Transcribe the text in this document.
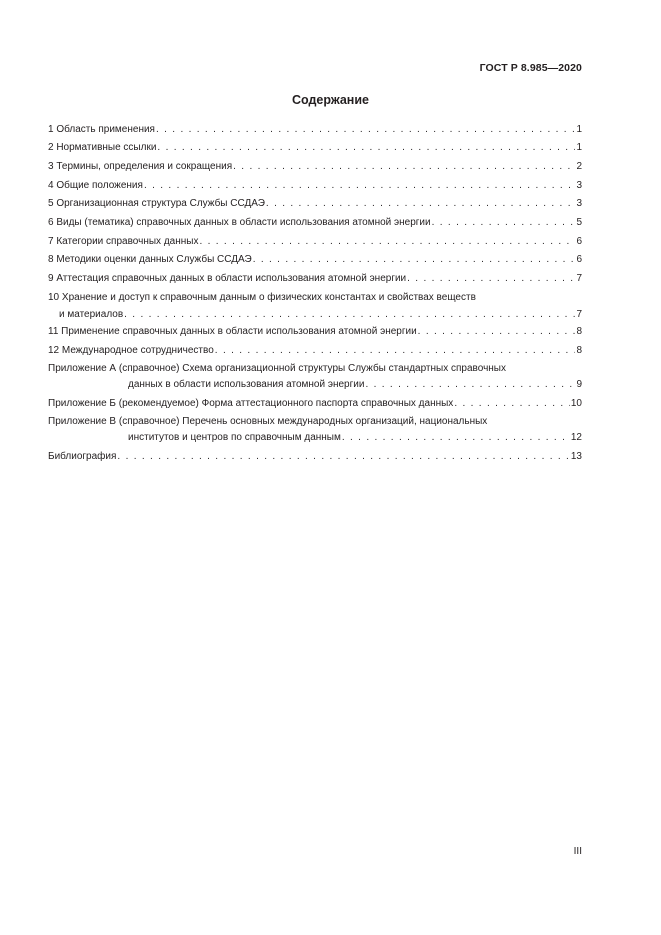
ГОСТ Р 8.985—2020
Содержание
1 Область применения . . .	1
2 Нормативные ссылки . . .	1
3 Термины, определения и сокращения . . .	2
4 Общие положения . . .	3
5 Организационная структура Службы ССДАЭ . . .	3
6 Виды (тематика) справочных данных в области использования атомной энергии . . .	5
7 Категории справочных данных . . .	6
8 Методики оценки данных Службы ССДАЭ . . .	6
9 Аттестация справочных данных в области использования атомной энергии . . .	7
10 Хранение и доступ к справочным данным о физических константах и свойствах веществ
и материалов . . .	7
11 Применение справочных данных в области использования атомной энергии . . .	8
12 Международное сотрудничество . . .	8
Приложение А (справочное) Схема организационной структуры Службы стандартных справочных
данных в области использования атомной энергии . . .	9
Приложение Б (рекомендуемое) Форма аттестационного паспорта справочных данных . . .	10
Приложение В (справочное) Перечень основных международных организаций, национальных
институтов и центров по справочным данным . . .	12
Библиография . . .	13
III
